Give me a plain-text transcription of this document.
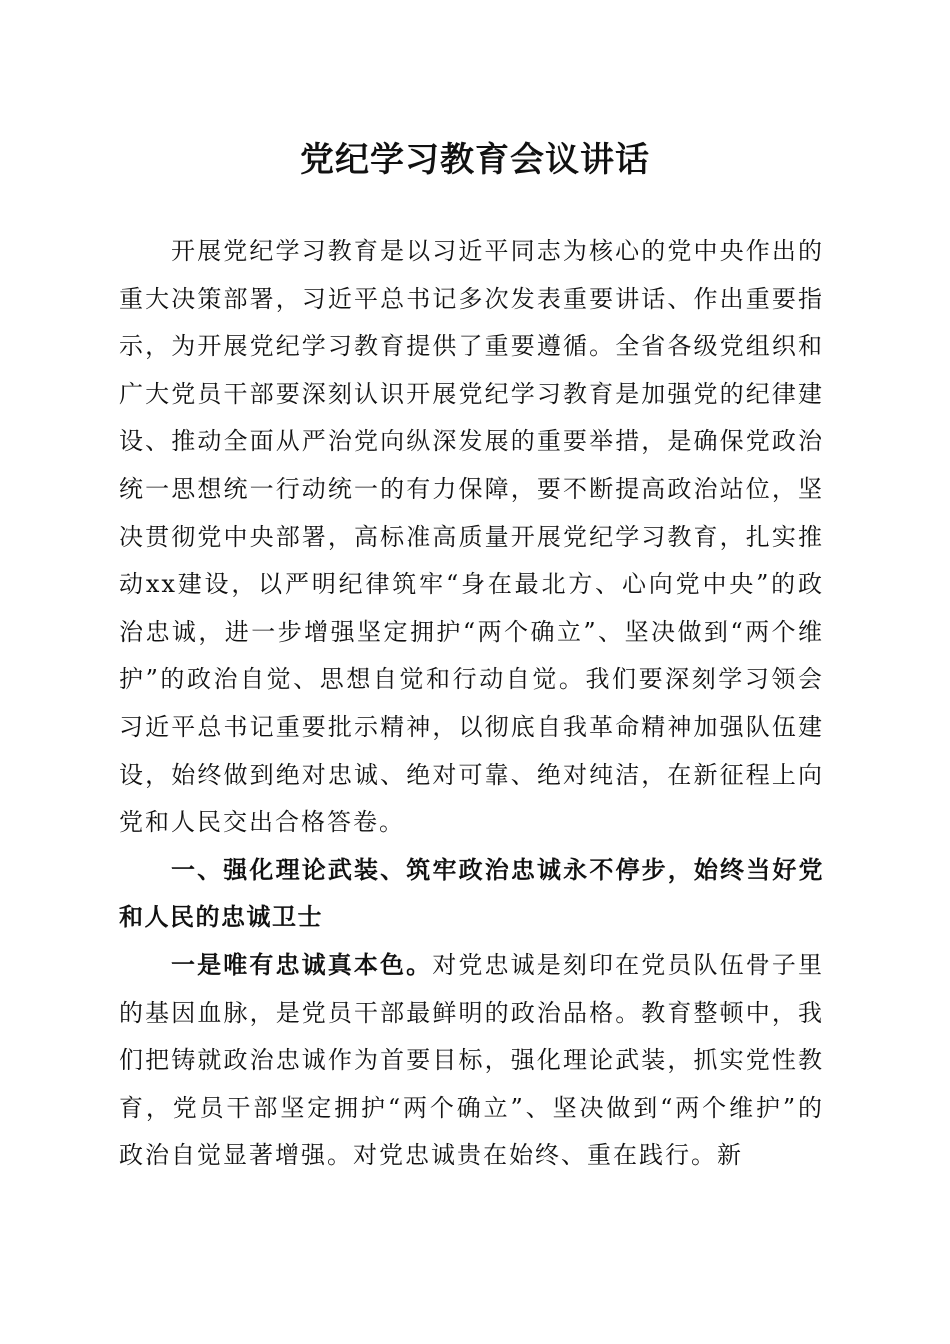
党纪学习教育会议讲话

开展党纪学习教育是以习近平同志为核心的党中央作出的重大决策部署，习近平总书记多次发表重要讲话、作出重要指示，为开展党纪学习教育提供了重要遵循。全省各级党组织和广大党员干部要深刻认识开展党纪学习教育是加强党的纪律建设、推动全面从严治党向纵深发展的重要举措，是确保党政治统一思想统一行动统一的有力保障，要不断提高政治站位，坚决贯彻党中央部署，高标准高质量开展党纪学习教育，扎实推动xx建设，以严明纪律筑牢“身在最北方、心向党中央”的政治忠诚，进一步增强坚定拥护“两个确立”、坚决做到“两个维护”的政治自觉、思想自觉和行动自觉。我们要深刻学习领会习近平总书记重要批示精神，以彻底自我革命精神加强队伍建设，始终做到绝对忠诚、绝对可靠、绝对纯洁，在新征程上向党和人民交出合格答卷。

一、强化理论武装、筑牢政治忠诚永不停步，始终当好党和人民的忠诚卫士

一是唯有忠诚真本色。对党忠诚是刻印在党员队伍骨子里的基因血脉，是党员干部最鲜明的政治品格。教育整顿中，我们把铸就政治忠诚作为首要目标，强化理论武装，抓实党性教育，党员干部坚定拥护“两个确立”、坚决做到“两个维护”的政治自觉显著增强。对党忠诚贵在始终、重在践行。新
